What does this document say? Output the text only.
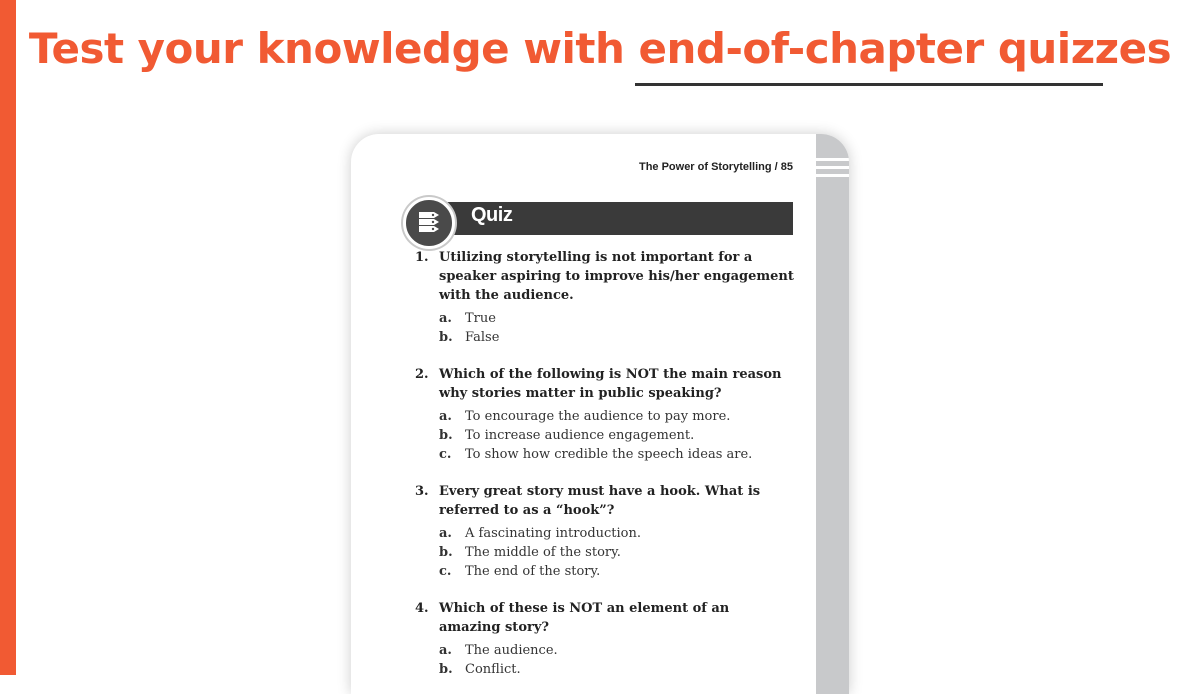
Test your knowledge with end-of-chapter quizzes
The Power of Storytelling / 85
Quiz
1. Utilizing storytelling is not important for a speaker aspiring to improve his/her engagement with the audience.
a. True
b. False
2. Which of the following is NOT the main reason why stories matter in public speaking?
a. To encourage the audience to pay more.
b. To increase audience engagement.
c. To show how credible the speech ideas are.
3. Every great story must have a hook. What is referred to as a “hook”?
a. A fascinating introduction.
b. The middle of the story.
c. The end of the story.
4. Which of these is NOT an element of an amazing story?
a. The audience.
b. Conflict.
